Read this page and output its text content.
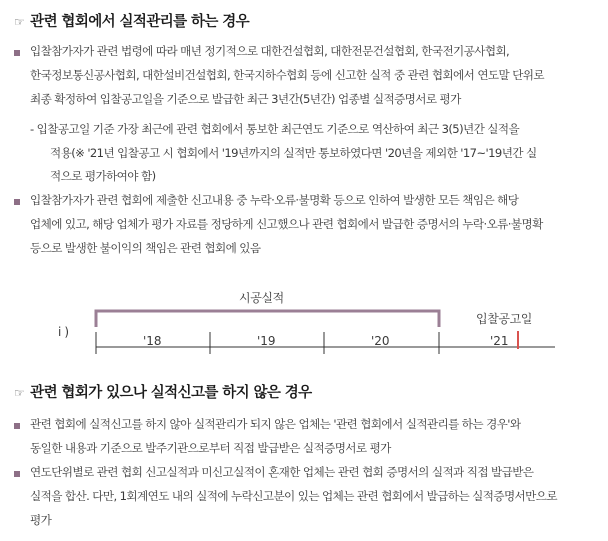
☞ 관련 협회에서 실적관리를 하는 경우
입찰참가자가 관련 법령에 따라 매년 정기적으로 대한건설협회, 대한전문건설협회, 한국전기공사협회,
한국정보통신공사협회, 대한설비건설협회, 한국지하수협회 등에 신고한 실적 중 관련 협회에서 연도말 단위로
최종 확정하여 입찰공고일을 기준으로 발급한 최근 3년간(5년간) 업종별 실적증명서로 평가
- 입찰공고일 기준 가장 최근에 관련 협회에서 통보한 최근연도 기준으로 역산하여 최근 3(5)년간 실적을
적용(※ '21년 입찰공고 시 협회에서 '19년까지의 실적만 통보하였다면 '20년을 제외한 '17~'19년간 실
적으로 평가하여야 함)
입찰참가자가 관련 협회에 제출한 신고내용 중 누락·오류·불명확 등으로 인하여 발생한 모든 책임은 해당
업체에 있고, 해당 업체가 평가 자료를 정당하게 신고했으나 관련 협회에서 발급한 증명서의 누락·오류·불명확
등으로 발생한 불이익의 책임은 관련 협회에 있음
i )
시공실적
입찰공고일
'18	'19	'20	'21
☞ 관련 협회가 있으나 실적신고를 하지 않은 경우
관련 협회에 실적신고를 하지 않아 실적관리가 되지 않은 업체는 '관련 협회에서 실적관리를 하는 경우'와
동일한 내용과 기준으로 발주기관으로부터 직접 발급받은 실적증명서로 평가
연도단위별로 관련 협회 신고실적과 미신고실적이 혼재한 업체는 관련 협회 증명서의 실적과 직접 발급받은
실적을 합산. 다만, 1회계연도 내의 실적에 누락신고분이 있는 업체는 관련 협회에서 발급하는 실적증명서만으로
평가
